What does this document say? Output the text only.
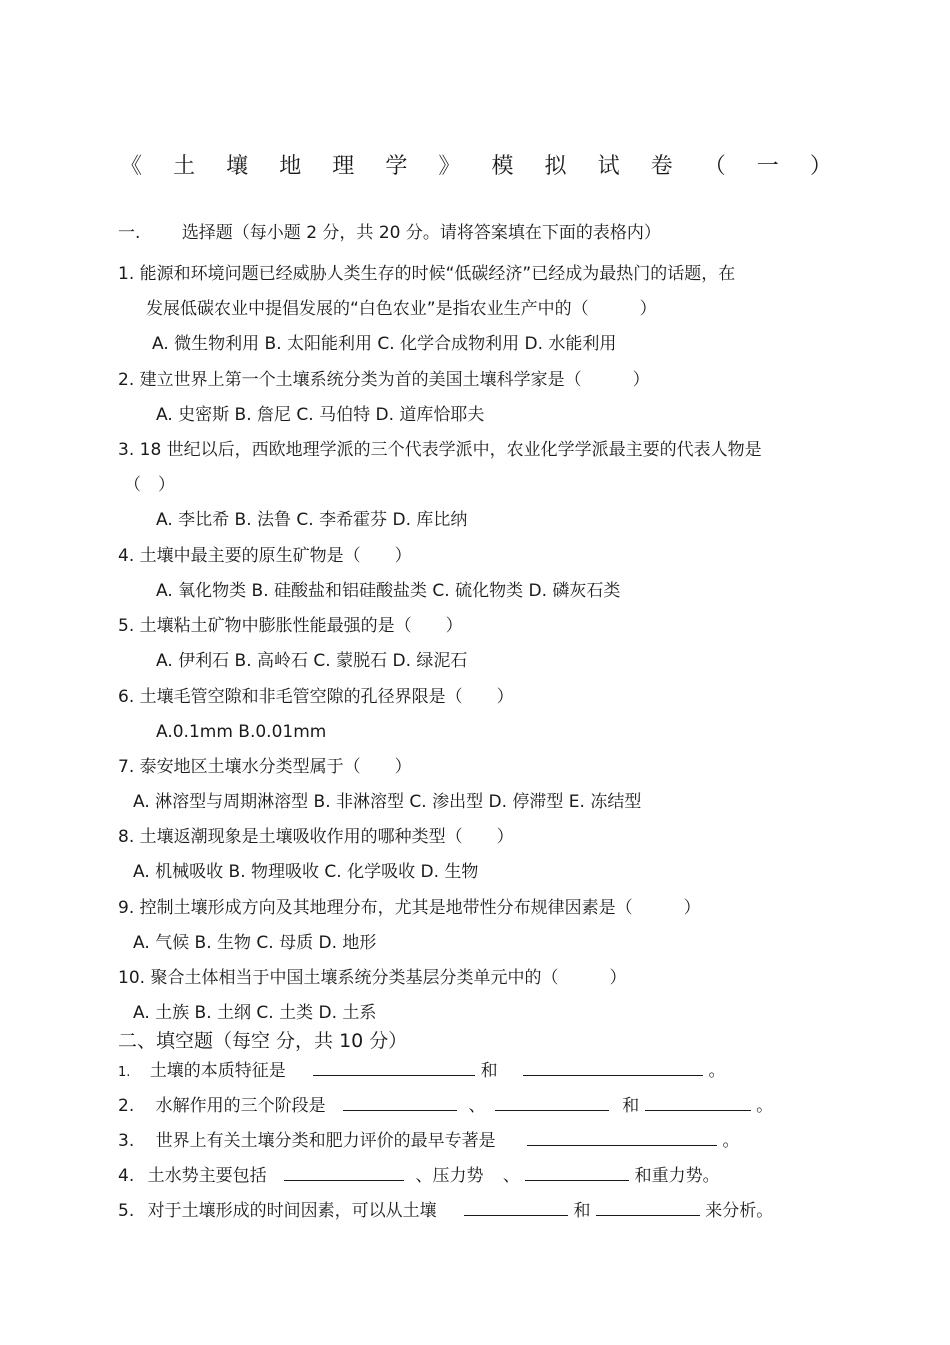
《 土 壤 地 理 学 》 模 拟 试 卷 （ 一 ）
一. 选择题（每小题 2 分，共 20 分。请将答案填在下面的表格内）
1. 能源和环境问题已经威胁人类生存的时候“低碳经济”已经成为最热门的话题，在
发展低碳农业中提倡发展的“白色农业”是指农业生产中的（　　　）
A. 微生物利用 B. 太阳能利用 C. 化学合成物利用 D. 水能利用
2. 建立世界上第一个土壤系统分类为首的美国土壤科学家是（　　　）
A. 史密斯 B. 詹尼 C. 马伯特 D. 道库恰耶夫
3. 18 世纪以后，西欧地理学派的三个代表学派中，农业化学学派最主要的代表人物是
（　）
A. 李比希 B. 法鲁 C. 李希霍芬 D. 库比纳
4. 土壤中最主要的原生矿物是（　　）
A. 氧化物类 B. 硅酸盐和铝硅酸盐类 C. 硫化物类 D. 磷灰石类
5. 土壤粘土矿物中膨胀性能最强的是（　　）
A. 伊利石 B. 高岭石 C. 蒙脱石 D. 绿泥石
6. 土壤毛管空隙和非毛管空隙的孔径界限是（　　）
A.0.1mm B.0.01mm
7. 泰安地区土壤水分类型属于（　　）
A. 淋溶型与周期淋溶型 B. 非淋溶型 C. 渗出型 D. 停滞型 E. 冻结型
8. 土壤返潮现象是土壤吸收作用的哪种类型（　　）
A. 机械吸收 B. 物理吸收 C. 化学吸收 D. 生物
9. 控制土壤形成方向及其地理分布，尤其是地带性分布规律因素是（　　　）
A. 气候 B. 生物 C. 母质 D. 地形
10. 聚合土体相当于中国土壤系统分类基层分类单元中的（　　　）
A. 土族 B. 土纲 C. 土类 D. 土系
二、填空题（每空 分，共 10 分）
1. 土壤的本质特征是	和	。
2. 水解作用的三个阶段是	、	和	。
3. 世界上有关土壤分类和肥力评价的最早专著是	。
4. 土水势主要包括	、压力势 、	和重力势。
5. 对于土壤形成的时间因素，可以从土壤	和	来分析。
